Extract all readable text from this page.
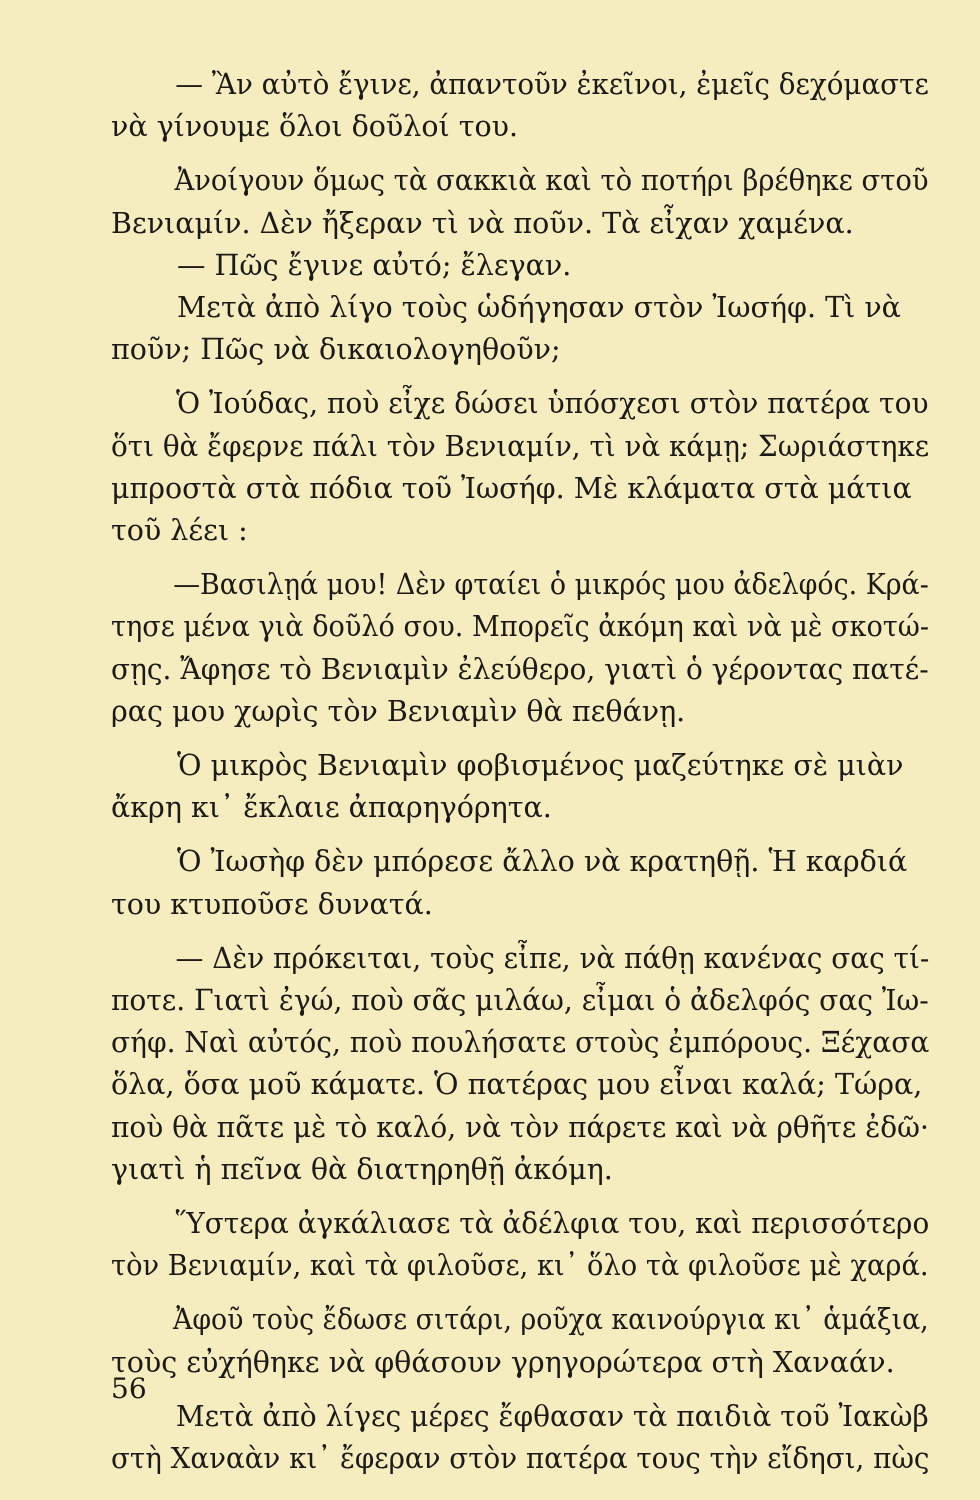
— Ἂν αὐτὸ ἔγινε, ἀπαντοῦν ἐκεῖνοι, ἐμεῖς δεχόμαστε
νὰ γίνουμε ὅλοι δοῦλοί του.

Ἀνοίγουν ὅμως τὰ σακκιὰ καὶ τὸ ποτήρι βρέθηκε στοῦ
Βενιαμίν. Δὲν ἤξεραν τὶ νὰ ποῦν. Τὰ εἶχαν χαμένα.
— Πῶς ἔγινε αὐτό; ἔλεγαν.
Μετὰ ἀπὸ λίγο τοὺς ὡδήγησαν στὸν Ἰωσήφ. Τὶ νὰ
ποῦν; Πῶς νὰ δικαιολογηθοῦν;

Ὁ Ἰούδας, ποὺ εἶχε δώσει ὑπόσχεσι στὸν πατέρα του
ὅτι θὰ ἔφερνε πάλι τὸν Βενιαμίν, τὶ νὰ κάμῃ; Σωριάστηκε
μπροστὰ στὰ πόδια τοῦ Ἰωσήφ. Μὲ κλάματα στὰ μάτια
τοῦ λέει :

—Βασιλῃά μου! Δὲν φταίει ὁ μικρός μου ἀδελφός. Κρά-
τησε μένα γιὰ δοῦλό σου. Μπορεῖς ἀκόμη καὶ νὰ μὲ σκοτώ-
σῃς. Ἄφησε τὸ Βενιαμὶν ἐλεύθερο, γιατὶ ὁ γέροντας πατέ-
ρας μου χωρὶς τὸν Βενιαμὶν θὰ πεθάνῃ.

Ὁ μικρὸς Βενιαμὶν φοβισμένος μαζεύτηκε σὲ μιὰν
ἄκρη κι᾿ ἔκλαιε ἀπαρηγόρητα.

Ὁ Ἰωσὴφ δὲν μπόρεσε ἄλλο νὰ κρατηθῇ. Ἡ καρδιά
του κτυποῦσε δυνατά.

— Δὲν πρόκειται, τοὺς εἶπε, νὰ πάθῃ κανένας σας τί-
ποτε. Γιατὶ ἐγώ, ποὺ σᾶς μιλάω, εἶμαι ὁ ἀδελφός σας Ἰω-
σήφ. Ναὶ αὐτός, ποὺ πουλήσατε στοὺς ἐμπόρους. Ξέχασα
ὅλα, ὅσα μοῦ κάματε. Ὁ πατέρας μου εἶναι καλά; Τώρα,
ποὺ θὰ πᾶτε μὲ τὸ καλό, νὰ τὸν πάρετε καὶ νὰ ρθῆτε ἐδῶ·
γιατὶ ἡ πεῖνα θὰ διατηρηθῇ ἀκόμη.

Ὕστερα ἀγκάλιασε τὰ ἀδέλφια του, καὶ περισσότερο
τὸν Βενιαμίν, καὶ τὰ φιλοῦσε, κι᾿ ὅλο τὰ φιλοῦσε μὲ χαρά.

Ἀφοῦ τοὺς ἔδωσε σιτάρι, ροῦχα καινούργια κι᾿ ἁμάξια,
τοὺς εὐχήθηκε νὰ φθάσουν γρηγορώτερα στὴ Χαναάν.

Μετὰ ἀπὸ λίγες μέρες ἔφθασαν τὰ παιδιὰ τοῦ Ἰακὼβ
στὴ Χαναὰν κι᾿ ἔφεραν στὸν πατέρα τους τὴν εἴδησι, πὼς

56
